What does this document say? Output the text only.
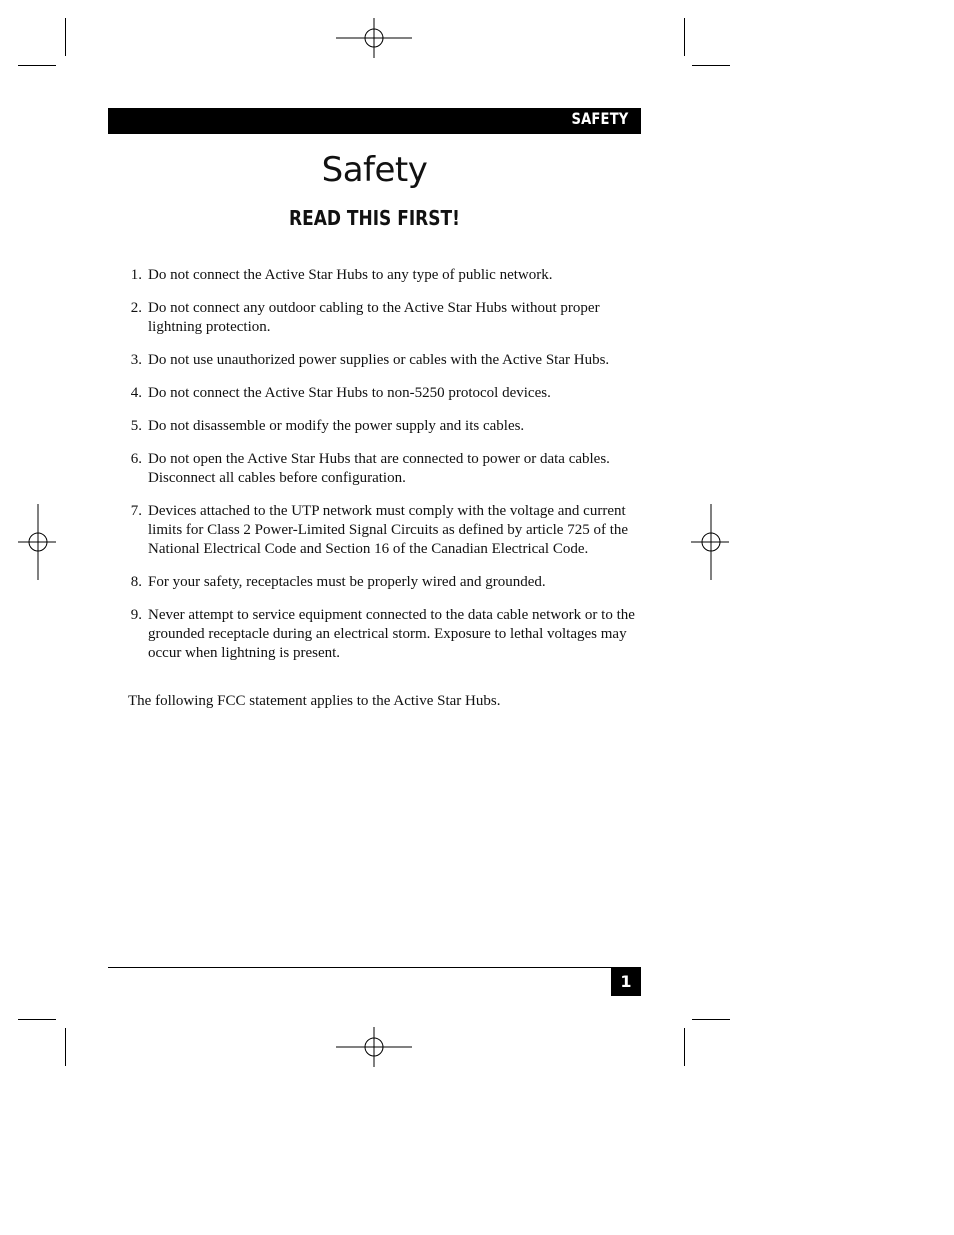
SAFETY
Safety
READ THIS FIRST!
1. Do not connect the Active Star Hubs to any type of public network.
2. Do not connect any outdoor cabling to the Active Star Hubs without proper lightning protection.
3. Do not use unauthorized power supplies or cables with the Active Star Hubs.
4. Do not connect the Active Star Hubs to non-5250 protocol devices.
5. Do not disassemble or modify the power supply and its cables.
6. Do not open the Active Star Hubs that are connected to power or data cables. Disconnect all cables before configuration.
7. Devices attached to the UTP network must comply with the voltage and current limits for Class 2 Power-Limited Signal Circuits as defined by article 725 of the National Electrical Code and Section 16 of the Canadian Electrical Code.
8. For your safety, receptacles must be properly wired and grounded.
9. Never attempt to service equipment connected to the data cable network or to the grounded receptacle during an electrical storm. Exposure to lethal voltages may occur when lightning is present.
The following FCC statement applies to the Active Star Hubs.
1
